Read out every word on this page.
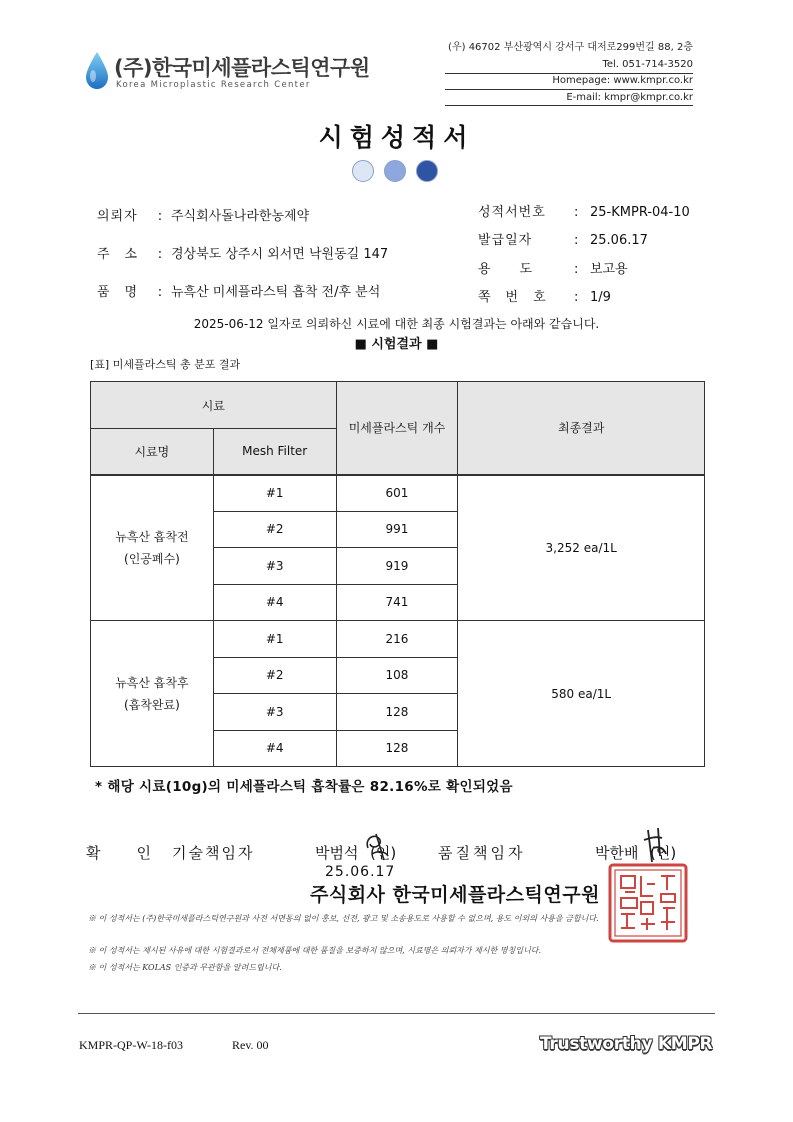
(주)한국미세플라스틱연구원
Korea Microplastic Research Center
(우) 46702 부산광역시 강서구 대저로299번길 88, 2층
Tel. 051-714-3520
Homepage: www.kmpr.co.kr
E-mail: kmpr@kmpr.co.kr
시험성적서
의뢰자 : 주식회사돌나라한농제약
주　소 : 경상북도 상주시 외서면 낙원동길 147
품　명 : 뉴흑산 미세플라스틱 흡착 전/후 분석
성적서번호 : 25-KMPR-04-10
발급일자	: 25.06.17
용　　도	: 보고용
쪽　번　호 : 1/9
2025-06-12 일자로 의뢰하신 시료에 대한 최종 시험결과는 아래와 같습니다.
■ 시험결과 ■
[표] 미세플라스틱 총 분포 결과
시료		미세플라스틱 개수	최종결과
시료명	Mesh Filter		

뉴흑산 흡착전
(인공폐수)	#1	601	3,252 ea/1L
	#2	991	
	#3	919	
	#4	741	

뉴흑산 흡착후
(흡착완료)	#1	216	580 ea/1L
	#2	108	
	#3	128	
	#4	128	
* 해당 시료(10g)의 미세플라스틱 흡착률은 82.16%로 확인되었음
확　　인 기술책임자	박범석 (인)	품질책임자	박한배 (인)
25.06.17
주식회사 한국미세플라스틱연구원
※ 이 성적서는 (주)한국미세플라스틱연구원과 사전 서면동의 없이 홍보, 선전, 광고 및 소송용도로 사용할 수 없으며, 용도 이외의 사용을 금합니다.
※ 이 성적서는 제시된 사유에 대한 시험결과로서 전체제품에 대한 품질을 보증하지 않으며, 시료명은 의뢰자가 제시한 명칭입니다.
※ 이 성적서는 KOLAS 인증과 무관함을 알려드립니다.
KMPR-QP-W-18-f03	Rev. 00	Trustworthy KMPR
